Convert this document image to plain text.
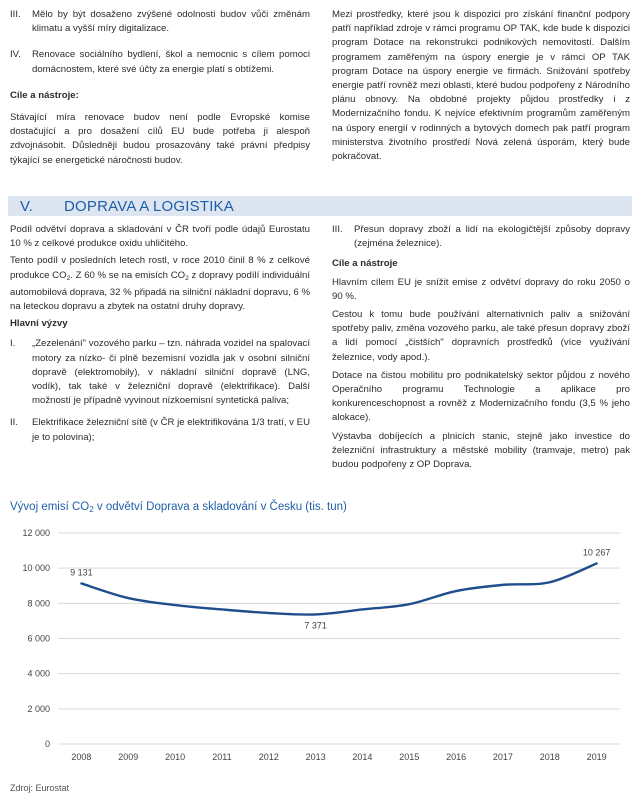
III.	Mělo by být dosaženo zvýšené odolnosti budov vůči změnám klimatu a vyšší míry digitalizace.
IV.	Renovace sociálního bydlení, škol a nemocnic s cílem pomoci domácnostem, které své účty za energie platí s obtížemi.

Cíle a nástroje:

Stávající míra renovace budov není podle Evropské komise dostačující a pro dosažení cílů EU bude potřeba ji alespoň zdvojnásobit. Důsledněji budou prosazovány také právní předpisy týkající se energetické náročnosti budov.

Mezi prostředky, které jsou k dispozici pro získání finanční podpory patří například zdroje v rámci programu OP TAK, kde bude k dispozici program Dotace na rekonstrukci podnikových nemovitostí. Dalším programem zaměřeným na úspory energie je v rámci OP TAK program Dotace na úspory energie ve firmách. Snižování spotřeby energie patří rovněž mezi oblasti, které budou podpořeny z Národního plánu obnovy. Na obdobné projekty půjdou prostředky i z Modernizačního fondu. K nejvíce efektivním programům zaměřeným na úspory energií v rodinných a bytových domech pak patří program ministerstva životního prostředí Nová zelená úsporám, který bude pokračovat.

V. DOPRAVA A LOGISTIKA

Podíl odvětví doprava a skladování v ČR tvoří podle údajů Eurostatu 10 % z celkové produkce oxidu uhličitého.

Tento podíl v posledních letech rostl, v roce 2010 činil 8 % z celkové produkce $CO_2$. Z 60 % se na emisích $CO_2$ z dopravy podílí individuální automobilová doprava, 32 % připadá na silniční nákladní dopravu, 6 % na leteckou dopravu a zbytek na ostatní druhy dopravy.

Hlavní výzvy

I.	„Zezelenání" vozového parku – tzn. náhrada vozidel na spalovací motory za nízko- či plně bezemisní vozidla jak v osobní silniční dopravě (elektromobily), v nákladní silniční dopravě (LNG, vodík), tak také v železniční dopravě (elektrifikace). Další možností je případně vyvinout nízkoemisní syntetická paliva;
II.	Elektrifikace železniční sítě (v ČR je elektrifikována 1/3 tratí, v EU je to polovina);
III.	Přesun dopravy zboží a lidí na ekologičtější způsoby dopravy (zejména železnice).

Cíle a nástroje

Hlavním cílem EU je snížit emise z odvětví dopravy do roku 2050 o 90 %.

Cestou k tomu bude používání alternativních paliv a snižování spotřeby paliv, změna vozového parku, ale také přesun dopravy zboží a lidí pomocí „čistších" dopravních prostředků (více využívání železnice, vody apod.).

Dotace na čistou mobilitu pro podnikatelský sektor půjdou z nového Operačního programu Technologie a aplikace pro konkurenceschopnost a rovněž z Modernizačního fondu (3,5 % jeho alokace).

Výstavba dobíjecích a plnicích stanic, stejně jako investice do železniční infrastruktury a městské mobility (tramvaje, metro) pak budou podpořeny z OP Doprava.

Vývoj emisí $CO_2$ v odvětví Doprava a skladování v Česku (tis. tun)
0
2 000
4 000
6 000
8 000
10 000
12 000
2008	2009	2010	2011	2012	2013	2014	2015	2016	2017	2018	2019
9 131
7 371
10 267
Zdroj: Eurostat
